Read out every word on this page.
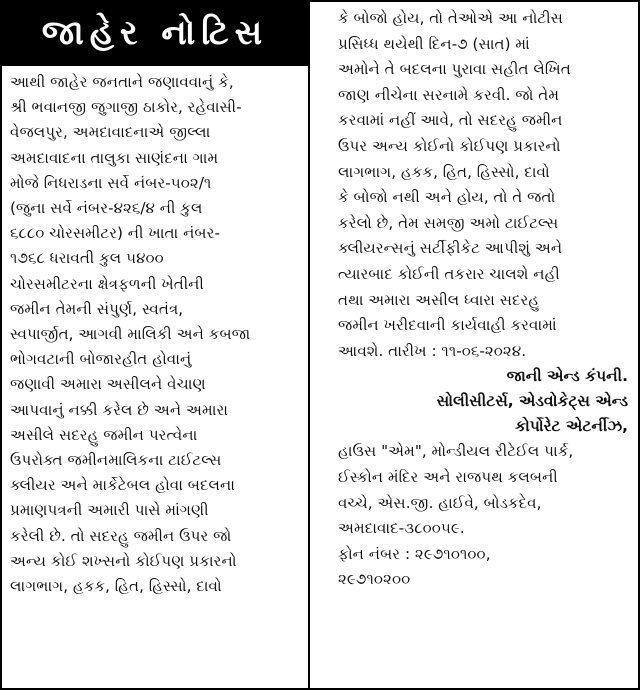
જાહેર નોટિસ
આથી જાહેર જનતાને જણાવવાનું કે,
શ્રી ભવાનજી જુગાજી ઠાકોર, રહેવાસી-
વેજલપુર, અમદાવાદનાએ જીલ્લા
અમદાવાદના તાલુકા સાણંદના ગામ
મોજે નિધરાડના સર્વે નંબર-૫૦૨/૧
(જુના સર્વે નંબર-૪૨૬/૪ ની કુલ
૬૮૮૦ ચોરસમીટર) ની ખાતા નંબર-
૧૭૬૮ ધરાવતી કુલ ૫૪૦૦
ચોરસમીટરના ક્ષેત્રફળની ખેતીની
જમીન તેમની સંપુર્ણ, સ્વતંત્ર,
સ્વપાર્જીત, આગવી માલિકી અને કબજા
ભોગવટાની બોજારહીત હોવાનું
જણાવી અમારા અસીલને વેચાણ
આપવાનું નક્કી કરેલ છે અને અમારા
અસીલે સદરહુ જમીન પરત્વેના
ઉપરોક્ત જમીનમાલિકના ટાઈટલ્સ
ક્લીયર અને માર્કેટેબલ હોવા બદલના
પ્રમાણપત્રની અમારી પાસે માંગણી
કરેલી છે. તો સદરહુ જમીન ઉપર જો
અન્ય કોઈ શખ્સનો કોઈપણ પ્રકારનો
લાગભાગ, હકક, હિત, હિસ્સો, દાવો
કે બોજો હોય, તો તેઓએ આ નોટીસ
પ્રસિધ્ધ થયેથી દિન-૭ (સાત) માં
અમોને તે બદલના પુરાવા સહીત લેખિત
જાણ નીચેના સરનામે કરવી. જો તેમ
કરવામાં નહીં આવે, તો સદરહુ જમીન
ઉપર અન્ય કોઈનો કોઈપણ પ્રકારનો
લાગભાગ, હકક, હિત, હિસ્સો, દાવો
કે બોજો નથી અને હોય, તો તે જતો
કરેલો છે, તેમ સમજી અમો ટાઈટલ્સ
ક્લીયરન્સનું સર્ટીફીકેટ આપીશું અને
ત્યારબાદ કોઈની તકરાર ચાલશે નહી
તથા અમારા અસીલ ધ્વારા સદરહુ
જમીન ખરીદવાની કાર્યવાહી કરવામાં
આવશે. તારીખ : ૧૧-૦૬-૨૦૨૪.
જાની એન્ડ કંપની.
સોલીસીટર્સ, એડવોકેટ્સ એન્ડ
કોર્પોરેટ એટર્નીઝ,
હાઉસ "એમ", મોન્ડીયલ રીટેઈલ પાર્ક,
ઈસ્કોન મંદિર અને રાજપથ કલબની
વચ્ચે, એસ.જી. હાઈવે, બોડકદેવ,
અમદાવાદ-૩૮૦૦૫૯.
ફોન નંબર : ૨૯૭૧૦૧૦૦,
૨૯૭૧૦૨૦૦
